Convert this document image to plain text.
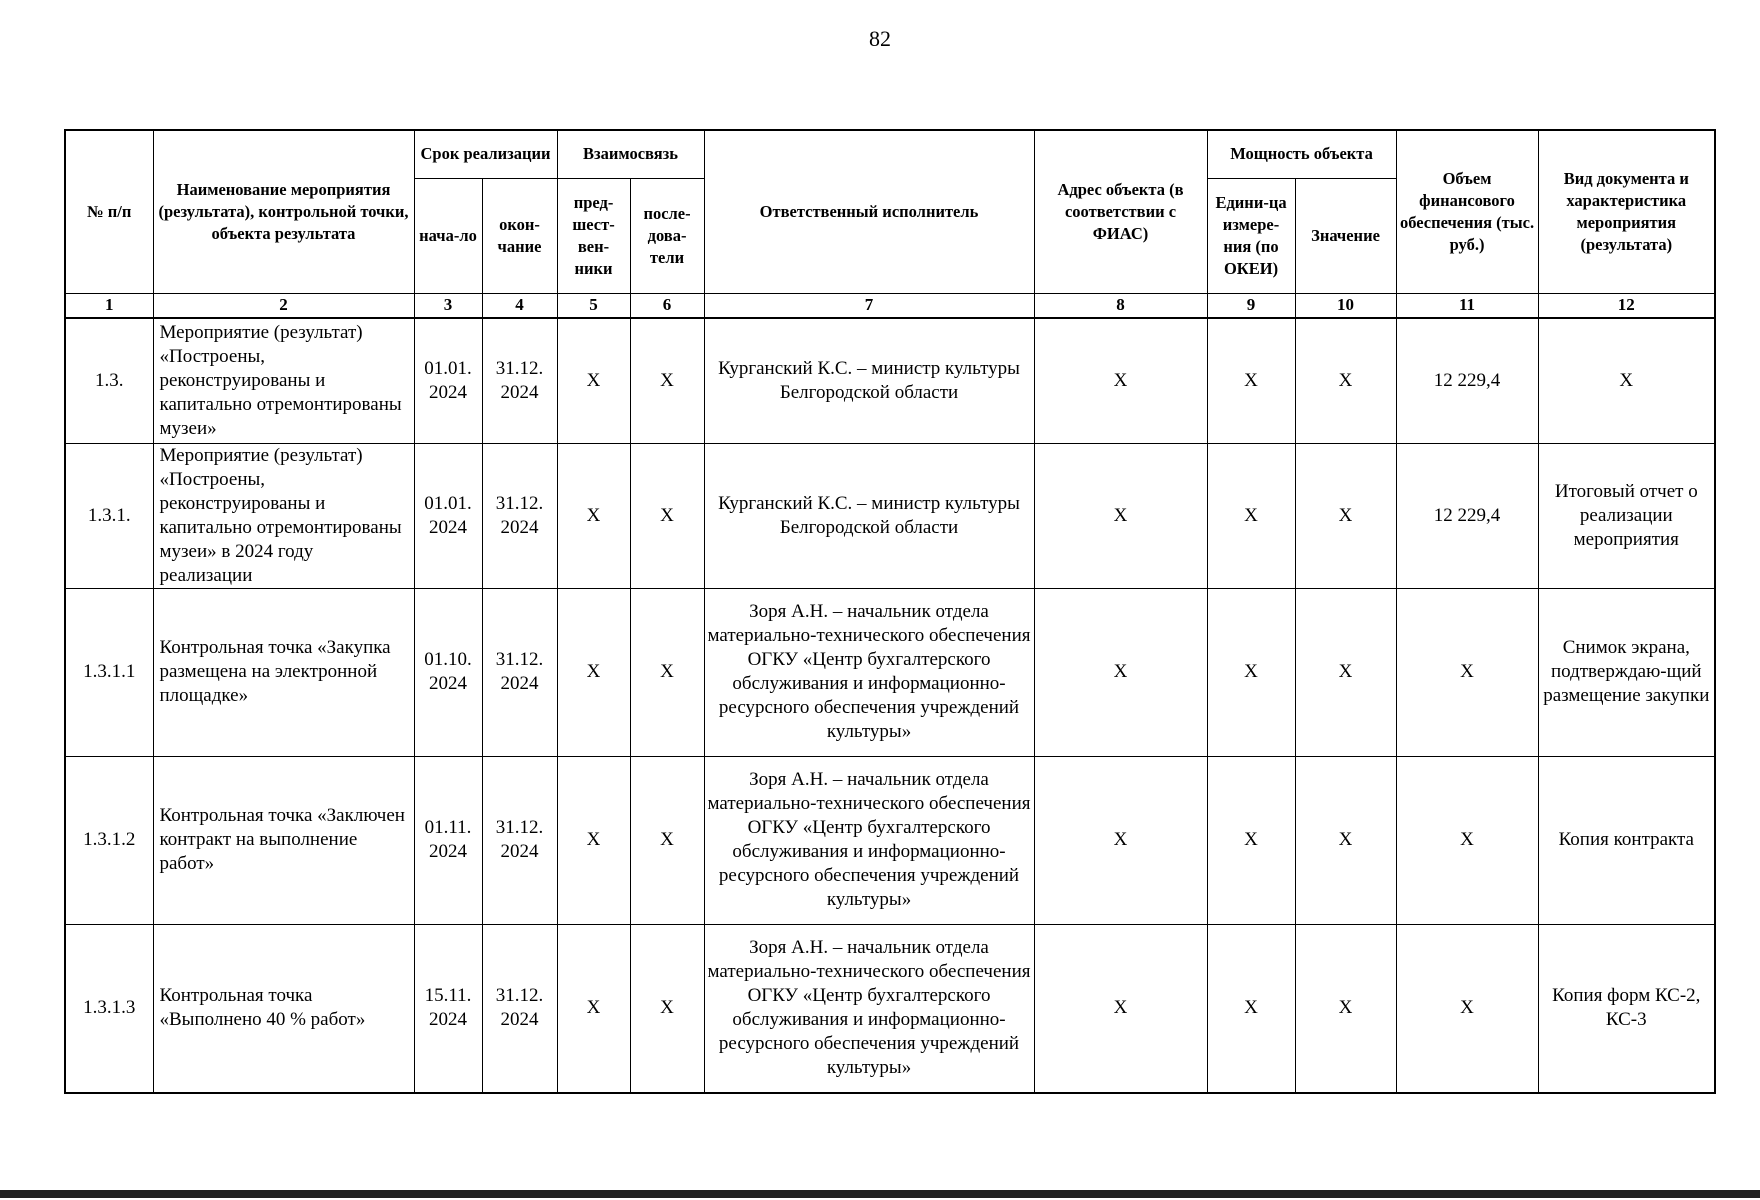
82
№ п/п	Наименование мероприятия (результата), контрольной точки, объекта результата	Срок реализации		Взаимосвязь		Ответственный исполнитель	Адрес объекта (в соответствии с ФИАС)	Мощность объекта		Объем финансового обеспечения (тыс. руб.)	Вид документа и характеристика мероприятия (результата)
		нача-ло	окон-чание	пред-шест-вен-ники	после-дова-тели			Едини-ца измере-ния (по ОКЕИ)	Значение		
1	2	3	4	5	6	7	8	9	10	11	12
1.3.	Мероприятие (результат) «Построены, реконструированы и капитально отремонтированы музеи»	01.01. 2024	31.12. 2024	X	X	Курганский К.С. – министр культуры Белгородской области	X	X	X	12 229,4	X
1.3.1.	Мероприятие (результат) «Построены, реконструированы и капитально отремонтированы музеи» в 2024 году реализации	01.01. 2024	31.12. 2024	X	X	Курганский К.С. – министр культуры Белгородской области	X	X	X	12 229,4	Итоговый отчет о реализации мероприятия
1.3.1.1	Контрольная точка «Закупка размещена на электронной площадке»	01.10. 2024	31.12. 2024	X	X	Зоря А.Н. – начальник отдела материально-технического обеспечения ОГКУ «Центр бухгалтерского обслуживания и информационно-ресурсного обеспечения учреждений культуры»	X	X	X	X	Снимок экрана, подтверждаю-щий размещение закупки
1.3.1.2	Контрольная точка «Заключен контракт на выполнение работ»	01.11. 2024	31.12. 2024	X	X	Зоря А.Н. – начальник отдела материально-технического обеспечения ОГКУ «Центр бухгалтерского обслуживания и информационно-ресурсного обеспечения учреждений культуры»	X	X	X	X	Копия контракта
1.3.1.3	Контрольная точка «Выполнено 40 % работ»	15.11. 2024	31.12. 2024	X	X	Зоря А.Н. – начальник отдела материально-технического обеспечения ОГКУ «Центр бухгалтерского обслуживания и информационно-ресурсного обеспечения учреждений культуры»	X	X	X	X	Копия форм КС-2, КС-3
